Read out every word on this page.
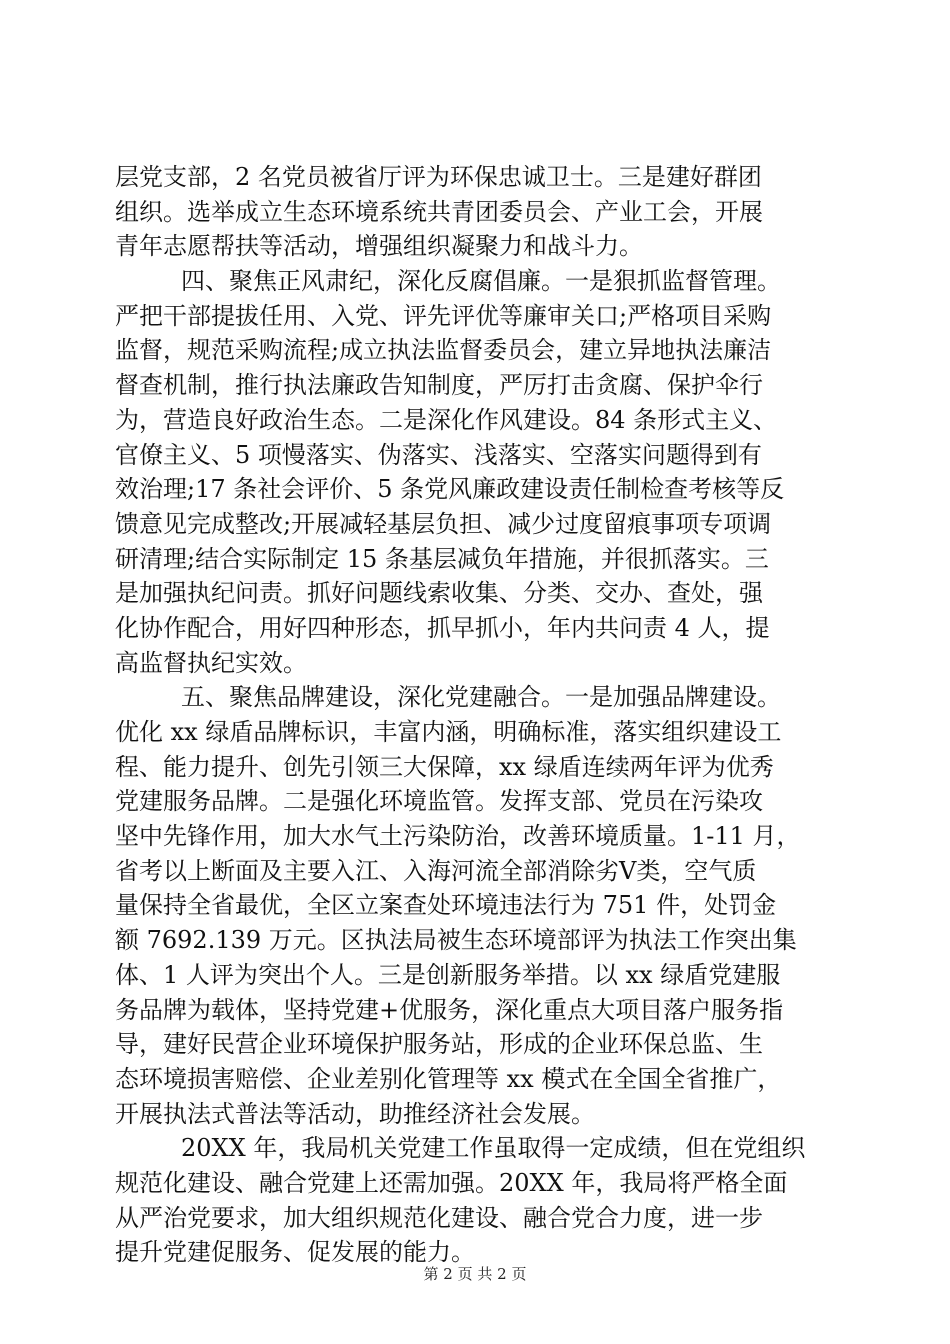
层党支部，2 名党员被省厅评为环保忠诚卫士。三是建好群团
组织。选举成立生态环境系统共青团委员会、产业工会，开展
青年志愿帮扶等活动，增强组织凝聚力和战斗力。
四、聚焦正风肃纪，深化反腐倡廉。一是狠抓监督管理。
严把干部提拔任用、入党、评先评优等廉审关口;严格项目采购
监督，规范采购流程;成立执法监督委员会，建立异地执法廉洁
督查机制，推行执法廉政告知制度，严厉打击贪腐、保护伞行
为，营造良好政治生态。二是深化作风建设。84 条形式主义、
官僚主义、5 项慢落实、伪落实、浅落实、空落实问题得到有
效治理;17 条社会评价、5 条党风廉政建设责任制检查考核等反
馈意见完成整改;开展减轻基层负担、减少过度留痕事项专项调
研清理;结合实际制定 15 条基层减负年措施，并很抓落实。三
是加强执纪问责。抓好问题线索收集、分类、交办、查处，强
化协作配合，用好四种形态，抓早抓小，年内共问责 4 人，提
高监督执纪实效。
五、聚焦品牌建设，深化党建融合。一是加强品牌建设。
优化 xx 绿盾品牌标识，丰富内涵，明确标准，落实组织建设工
程、能力提升、创先引领三大保障，xx 绿盾连续两年评为优秀
党建服务品牌。二是强化环境监管。发挥支部、党员在污染攻
坚中先锋作用，加大水气土污染防治，改善环境质量。1-11 月，
省考以上断面及主要入江、入海河流全部消除劣Ⅴ类，空气质
量保持全省最优，全区立案查处环境违法行为 751 件，处罚金
额 7692.139 万元。区执法局被生态环境部评为执法工作突出集
体、1 人评为突出个人。三是创新服务举措。以 xx 绿盾党建服
务品牌为载体，坚持党建+优服务，深化重点大项目落户服务指
导，建好民营企业环境保护服务站，形成的企业环保总监、生
态环境损害赔偿、企业差别化管理等 xx 模式在全国全省推广，
开展执法式普法等活动，助推经济社会发展。
20XX 年，我局机关党建工作虽取得一定成绩，但在党组织
规范化建设、融合党建上还需加强。20XX 年，我局将严格全面
从严治党要求，加大组织规范化建设、融合党合力度，进一步
提升党建促服务、促发展的能力。
第 2 页 共 2 页
